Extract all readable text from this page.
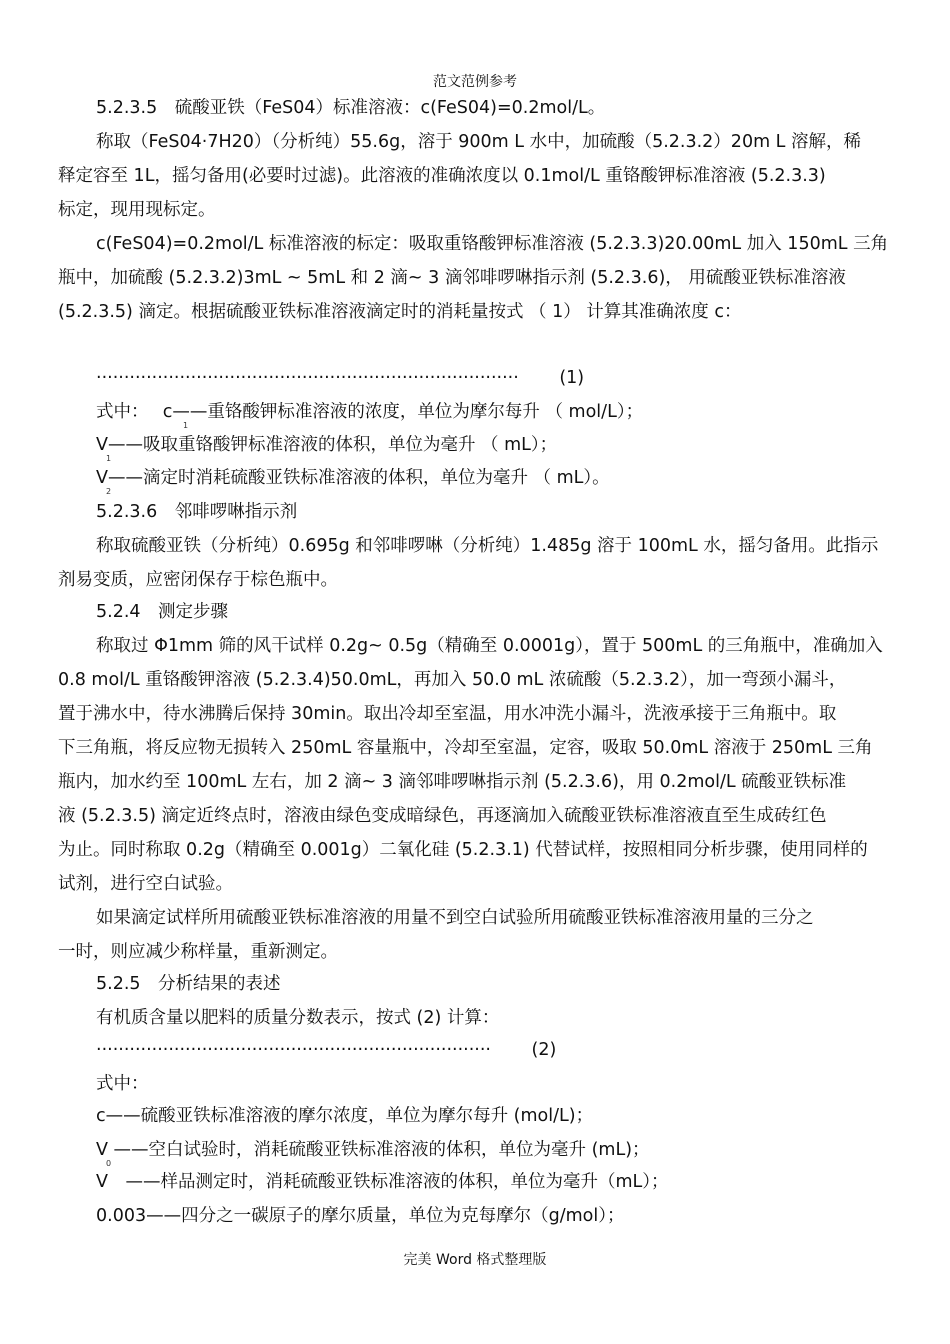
范文范例参考
5.2.3.5　硫酸亚铁（FeS04）标准溶液：c(FeS04)=0.2mol/L。
称取（FeS04·7H20）（分析纯）55.6g，溶于 900m L 水中，加硫酸（5.2.3.2）20m L 溶解，稀
释定容至 1L，摇匀备用(必要时过滤)。此溶液的准确浓度以 0.1mol/L 重铬酸钾标准溶液 (5.2.3.3)
标定，现用现标定。
c(FeS04)=0.2mol/L 标准溶液的标定：吸取重铬酸钾标准溶液 (5.2.3.3)20.00mL 加入 150mL 三角
瓶中，加硫酸 (5.2.3.2)3mL ~ 5mL 和 2 滴~ 3 滴邻啡啰啉指示剂 (5.2.3.6)， 用硫酸亚铁标准溶液
(5.2.3.5) 滴定。根据硫酸亚铁标准溶液滴定时的消耗量按式 （ 1） 计算其准确浓度 c：
············································································　　 (1)
式中：　 c——重铬酸钾标准溶液的浓度，单位为摩尔每升 （ mol/L）；
1
V——吸取重铬酸钾标准溶液的体积，单位为毫升 （ mL）；
1
V——滴定时消耗硫酸亚铁标准溶液的体积，单位为毫升 （ mL）。
2
5.2.3.6　邻啡啰啉指示剂
称取硫酸亚铁（分析纯）0.695g 和邻啡啰啉（分析纯）1.485g 溶于 100mL 水，摇匀备用。此指示
剂易变质，应密闭保存于棕色瓶中。
5.2.4　测定步骤
称取过 Φ1mm 筛的风干试样 0.2g~ 0.5g（精确至 0.0001g），置于 500mL 的三角瓶中，准确加入
0.8 mol/L 重铬酸钾溶液 (5.2.3.4)50.0mL，再加入 50.0 mL 浓硫酸（5.2.3.2），加一弯颈小漏斗，
置于沸水中，待水沸腾后保持 30min。取出冷却至室温，用水冲洗小漏斗，洗液承接于三角瓶中。取
下三角瓶，将反应物无损转入 250mL 容量瓶中，冷却至室温，定容，吸取 50.0mL 溶液于 250mL 三角
瓶内，加水约至 100mL 左右，加 2 滴~ 3 滴邻啡啰啉指示剂 (5.2.3.6)，用 0.2mol/L 硫酸亚铁标准
液 (5.2.3.5) 滴定近终点时，溶液由绿色变成暗绿色，再逐滴加入硫酸亚铁标准溶液直至生成砖红色
为止。同时称取 0.2g（精确至 0.001g）二氧化硅 (5.2.3.1) 代替试样，按照相同分析步骤，使用同样的
试剂，进行空白试验。
如果滴定试样所用硫酸亚铁标准溶液的用量不到空白试验所用硫酸亚铁标准溶液用量的三分之
一时，则应减少称样量，重新测定。
5.2.5　分析结果的表述
有机质含量以肥料的质量分数表示，按式 (2) 计算：
·······································································　　 (2)
式中：
c——硫酸亚铁标准溶液的摩尔浓度，单位为摩尔每升 (mol/L)；
V ——空白试验时，消耗硫酸亚铁标准溶液的体积，单位为毫升 (mL)；
0
V　——样品测定时，消耗硫酸亚铁标准溶液的体积，单位为毫升（mL）；
0.003——四分之一碳原子的摩尔质量，单位为克每摩尔（g/mol）；
完美 Word 格式整理版
